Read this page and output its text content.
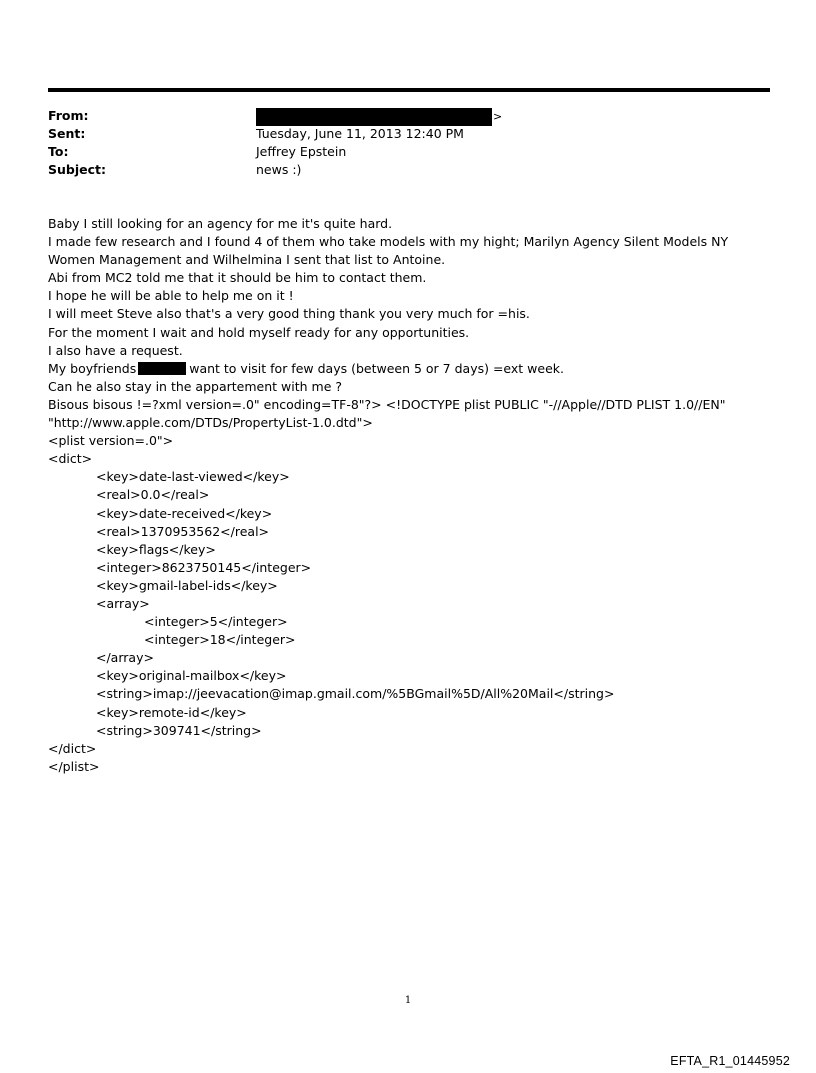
From:	>
Sent:	Tuesday, June 11, 2013 12:40 PM
To:	Jeffrey Epstein
Subject:	news :)
Baby I still looking for an agency for me it's quite hard.
I made few research and I found 4 of them who take models with my hight; Marilyn Agency Silent Models NY Women Management and Wilhelmina I sent that list to Antoine.
Abi from MC2 told me that it should be him to contact them.
I hope he will be able to help me on it !
I will meet Steve also that's a very good thing thank you very much for =his.
For the moment I wait and hold myself ready for any opportunities.
I also have a request.
My boyfriends	want to visit for few days (between 5 or 7 days) =ext week.
Can he also stay in the appartement with me ?
Bisous bisous !=?xml version=.0" encoding=TF-8"?> <!DOCTYPE plist PUBLIC "-//Apple//DTD PLIST 1.0//EN"
"http://www.apple.com/DTDs/PropertyList-1.0.dtd">
<plist version=.0">
<dict>
<key>date-last-viewed</key>
<real>0.0</real>
<key>date-received</key>
<real>1370953562</real>
<key>flags</key>
<integer>8623750145</integer>
<key>gmail-label-ids</key>
<array>
<integer>5</integer>
<integer>18</integer>
</array>
<key>original-mailbox</key>
<string>imap://jeevacation@imap.gmail.com/%5BGmail%5D/All%20Mail</string>
<key>remote-id</key>
<string>309741</string>
</dict>
</plist>
1
EFTA_R1_01445952
